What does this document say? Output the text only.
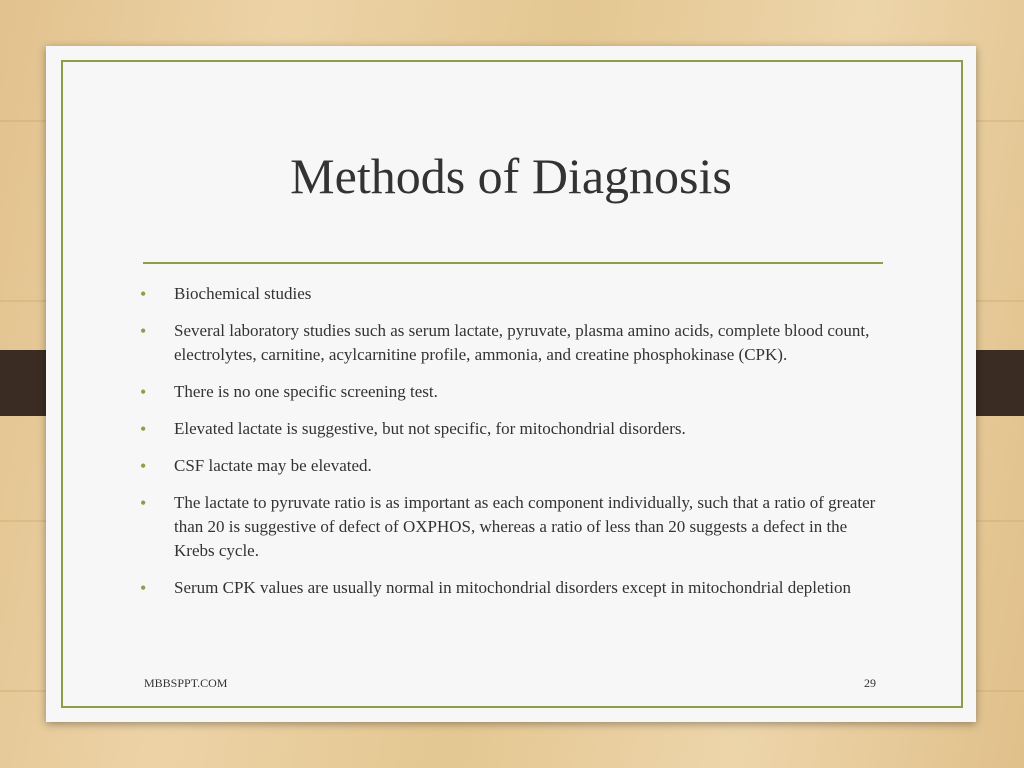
Methods of Diagnosis
• Biochemical studies
• Several laboratory studies such as serum lactate, pyruvate, plasma amino acids, complete blood count, electrolytes, carnitine, acylcarnitine profile, ammonia, and creatine phosphokinase (CPK).
• There is no one specific screening test.
• Elevated lactate is suggestive, but not specific, for mitochondrial disorders.
• CSF lactate may be elevated.
• The lactate to pyruvate ratio is as important as each component individually, such that a ratio of greater than 20 is suggestive of defect of OXPHOS, whereas a ratio of less than 20 suggests a defect in the Krebs cycle.
• Serum CPK values are usually normal in mitochondrial disorders except in mitochondrial depletion
MBBSPPT.COM	29
